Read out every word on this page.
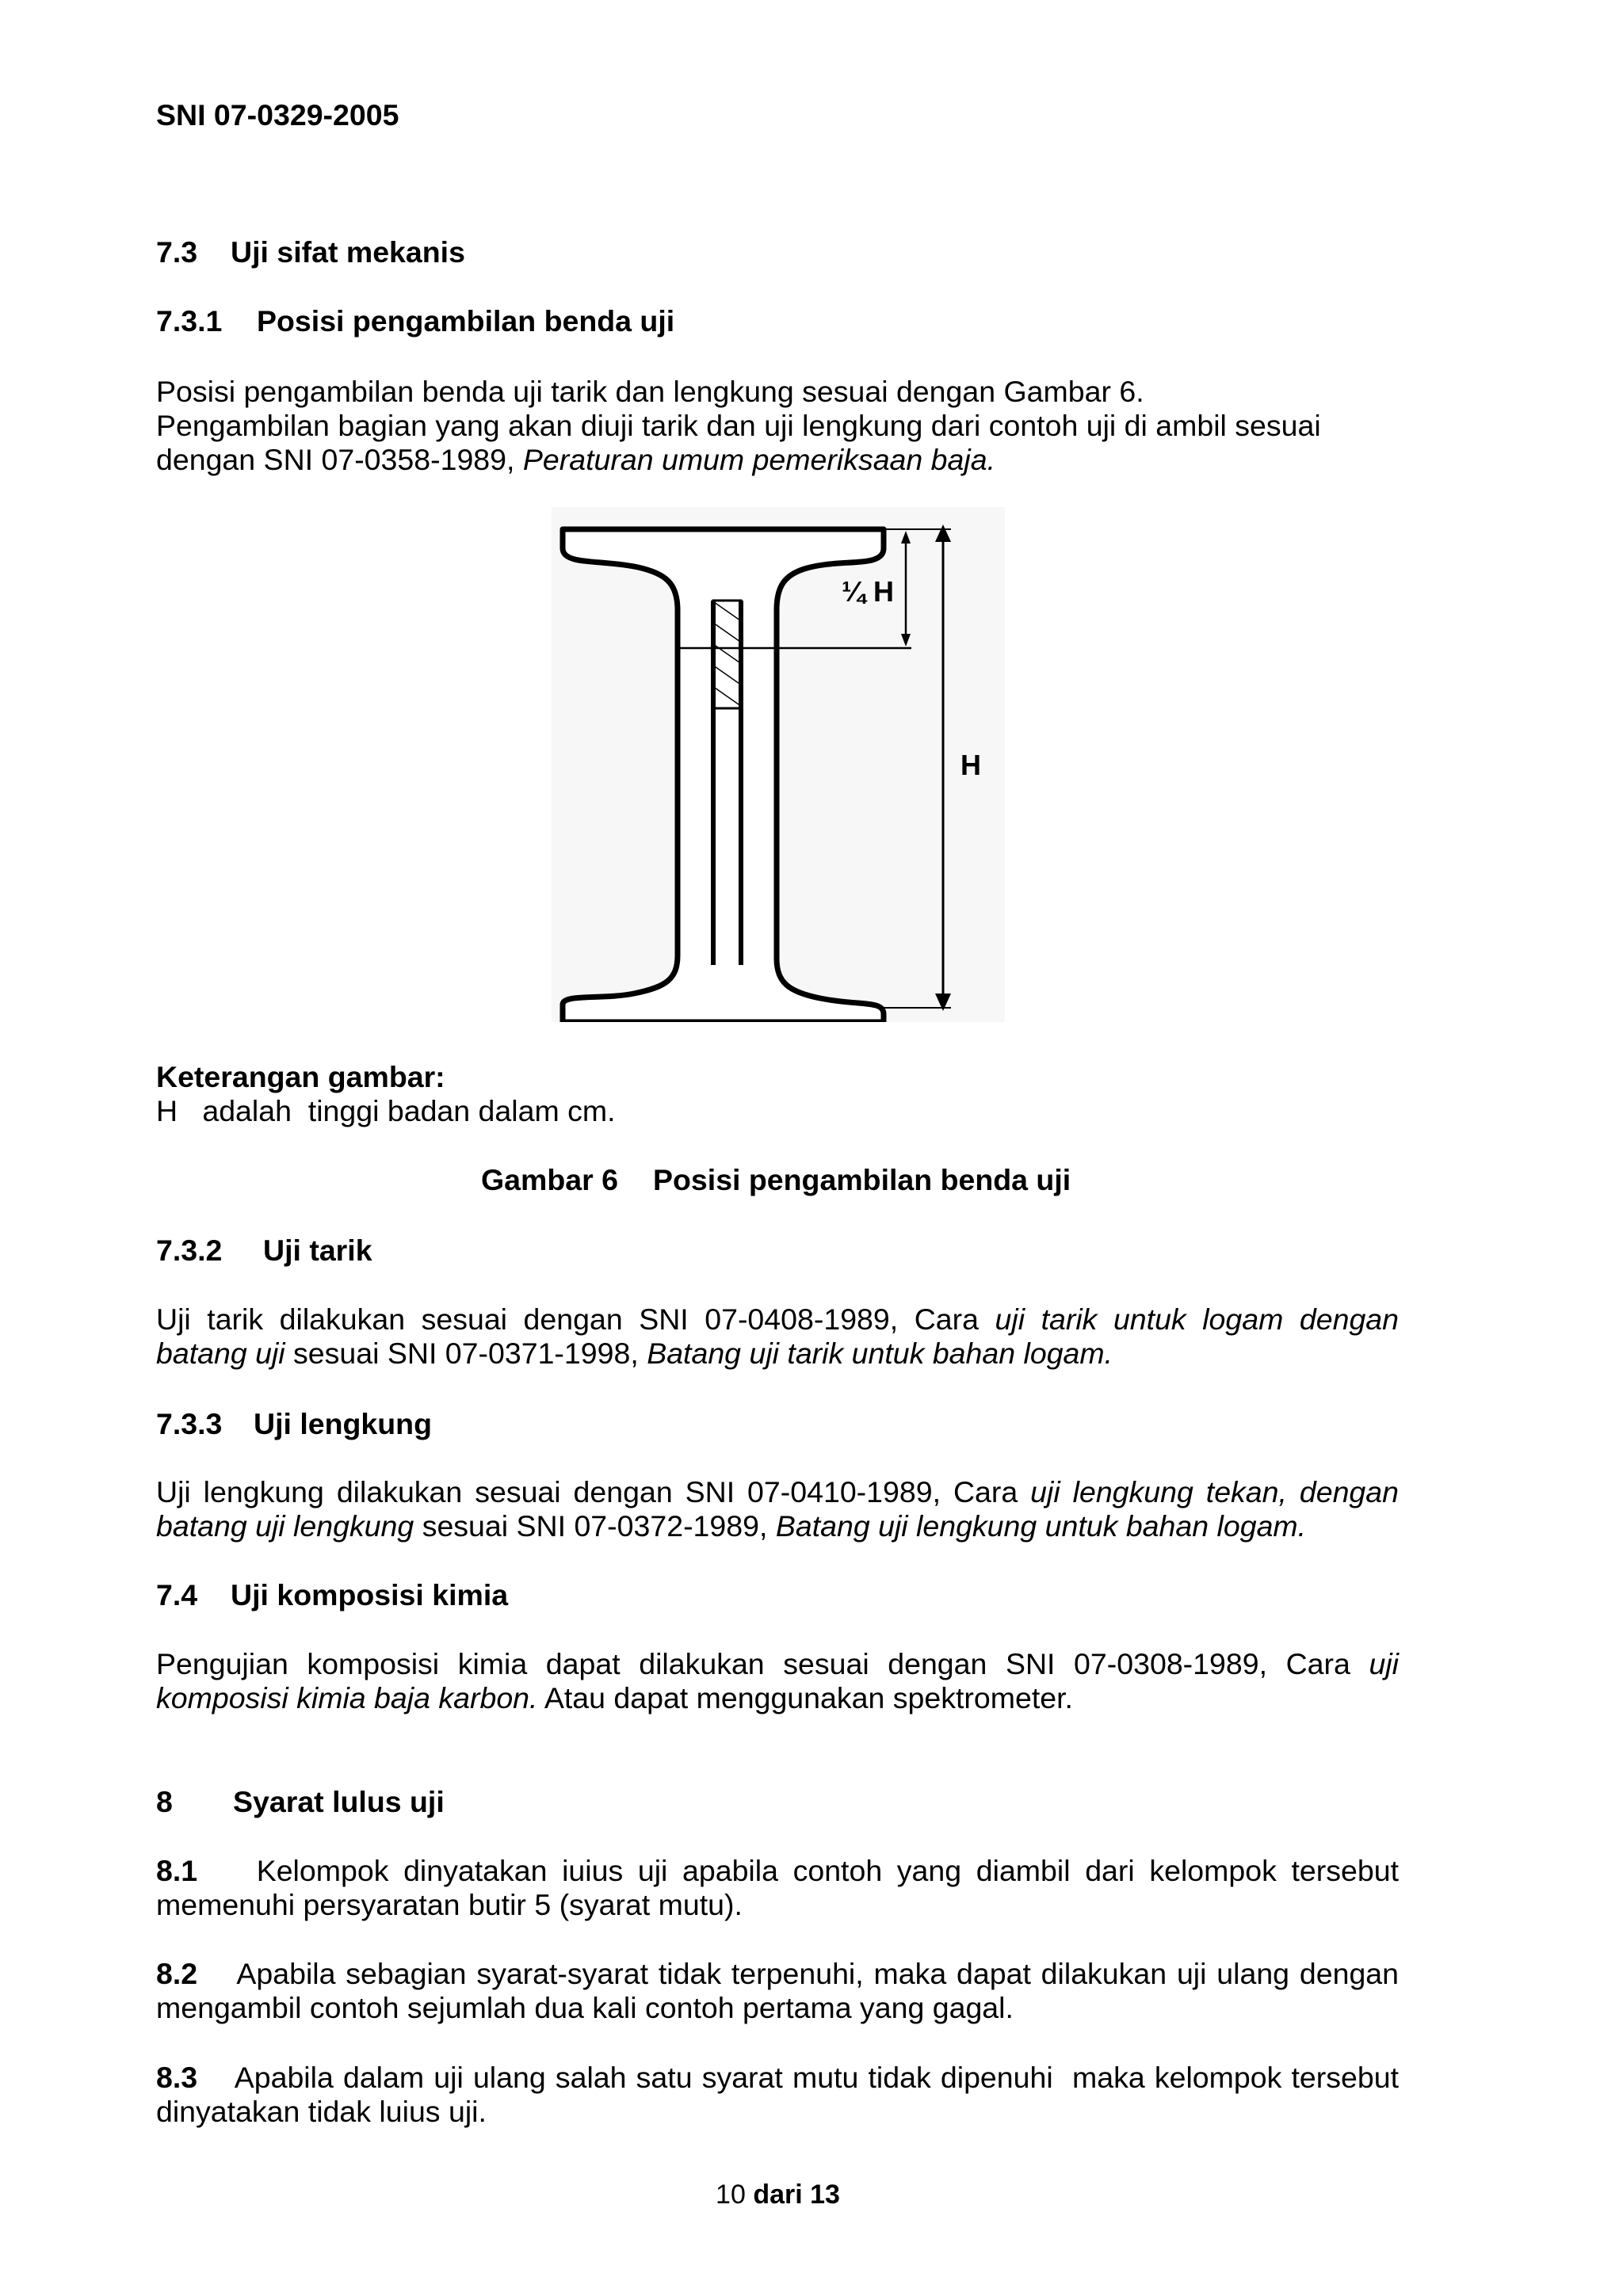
SNI 07-0329-2005
7.3 Uji sifat mekanis
7.3.1 Posisi pengambilan benda uji
Posisi pengambilan benda uji tarik dan lengkung sesuai dengan Gambar 6.
Pengambilan bagian yang akan diuji tarik dan uji lengkung dari contoh uji di ambil sesuai
dengan SNI 07-0358-1989, Peraturan umum pemeriksaan baja.
¼ H
H
Keterangan gambar:
H   adalah  tinggi badan dalam cm.
Gambar 6 Posisi pengambilan benda uji
7.3.2 Uji tarik
Uji tarik dilakukan sesuai dengan SNI 07-0408-1989, Cara uji tarik untuk logam dengan batang uji sesuai SNI 07-0371-1998, Batang uji tarik untuk bahan logam.
7.3.3 Uji lengkung
Uji lengkung dilakukan sesuai dengan SNI 07-0410-1989, Cara uji lengkung tekan, dengan batang uji lengkung sesuai SNI 07-0372-1989, Batang uji lengkung untuk bahan logam.
7.4 Uji komposisi kimia
Pengujian komposisi kimia dapat dilakukan sesuai dengan SNI 07-0308-1989, Cara uji komposisi kimia baja karbon. Atau dapat menggunakan spektrometer.
8 Syarat lulus uji
8.1 Kelompok dinyatakan iuius uji apabila contoh yang diambil dari kelompok tersebut memenuhi persyaratan butir 5 (syarat mutu).
8.2 Apabila sebagian syarat-syarat tidak terpenuhi, maka dapat dilakukan uji ulang dengan mengambil contoh sejumlah dua kali contoh pertama yang gagal.
8.3 Apabila dalam uji ulang salah satu syarat mutu tidak dipenuhi  maka kelompok tersebut dinyatakan tidak luius uji.
10 dari 13
